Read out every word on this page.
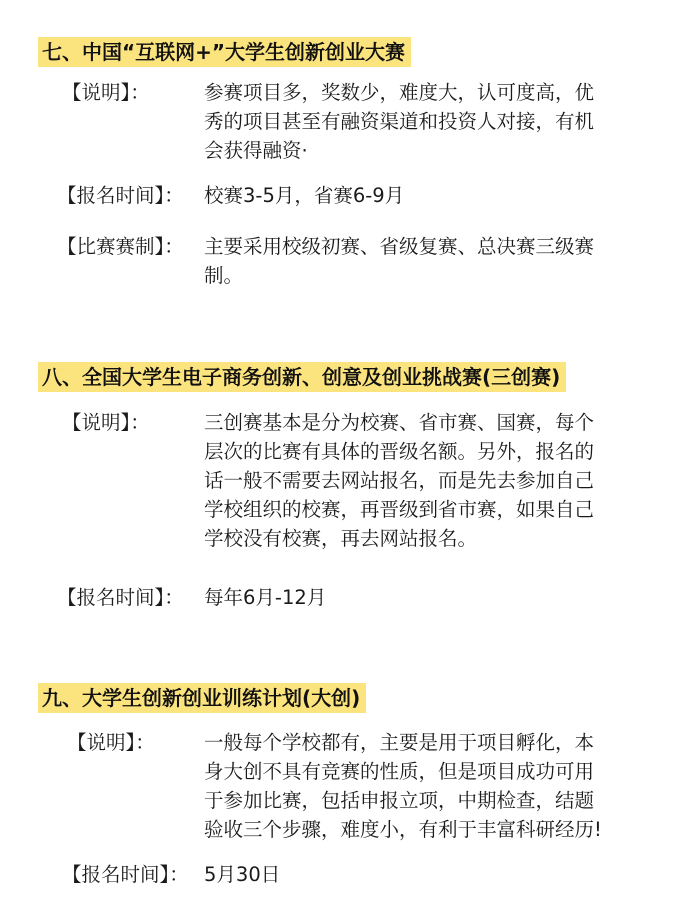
七、中国“互联网+”大学生创新创业大赛
【说明】：	参赛项目多，奖数少，难度大，认可度高，优
秀的项目甚至有融资渠道和投资人对接，有机
会获得融资·
【报名时间】： 校赛3-5月，省赛6-9月
【比赛赛制】： 主要采用校级初赛、省级复赛、总决赛三级赛
制。
八、全国大学生电子商务创新、创意及创业挑战赛(三创赛)
【说明】：	三创赛基本是分为校赛、省市赛、国赛，每个
层次的比赛有具体的晋级名额。另外，报名的
话一般不需要去网站报名，而是先去参加自己
学校组织的校赛，再晋级到省市赛，如果自己
学校没有校赛，再去网站报名。
【报名时间】： 每年6月-12月
九、大学生创新创业训练计划(大创)
【说明】：	一般每个学校都有，主要是用于项目孵化，本
身大创不具有竞赛的性质，但是项目成功可用
于参加比赛，包括申报立项，中期检查，结题
验收三个步骤，难度小，有利于丰富科研经历!
【报名时间】： 5月30日
